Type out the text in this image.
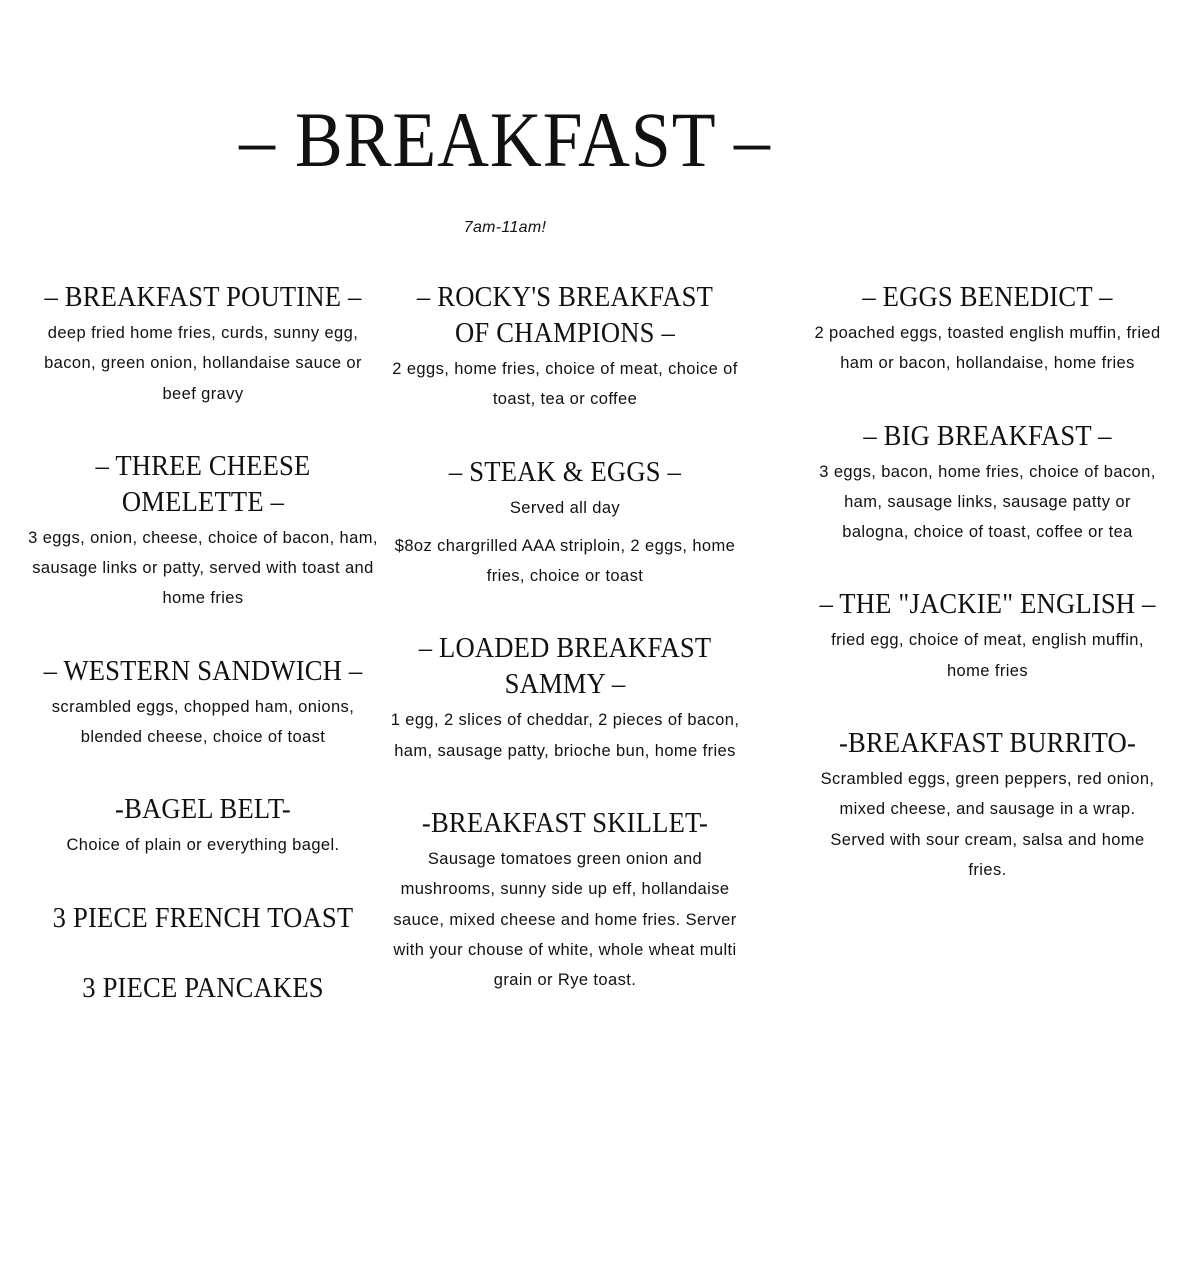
– BREAKFAST –
7am-11am!
– BREAKFAST POUTINE –

deep fried home fries, curds, sunny egg, bacon, green onion, hollandaise sauce or beef gravy

– THREE CHEESE OMELETTE –

3 eggs, onion, cheese, choice of bacon, ham, sausage links or patty, served with toast and home fries

– WESTERN SANDWICH –

scrambled eggs, chopped ham, onions, blended cheese, choice of toast

-BAGEL BELT-

Choice of plain or everything bagel.

3 PIECE FRENCH TOAST
3 PIECE PANCAKES
– ROCKY'S BREAKFAST OF CHAMPIONS –

2 eggs, home fries, choice of meat, choice of toast, tea or coffee

– STEAK & EGGS –

Served all day

$8oz chargrilled AAA striploin, 2 eggs, home fries, choice or toast

– LOADED BREAKFAST SAMMY –

1 egg, 2 slices of cheddar, 2 pieces of bacon, ham, sausage patty, brioche bun, home fries

-BREAKFAST SKILLET-

Sausage tomatoes green onion and mushrooms, sunny side up eff, hollandaise sauce, mixed cheese and home fries. Server with your chouse of white, whole wheat multi grain or Rye toast.

– EGGS BENEDICT –

2 poached eggs, toasted english muffin, fried ham or bacon, hollandaise, home fries

– BIG BREAKFAST –

3 eggs, bacon, home fries, choice of bacon, ham, sausage links, sausage patty or balogna, choice of toast, coffee or tea

– THE "JACKIE" ENGLISH –

fried egg, choice of meat, english muffin, home fries

-BREAKFAST BURRITO-

Scrambled eggs, green peppers, red onion, mixed cheese, and sausage in a wrap. Served with sour cream, salsa and home fries.
